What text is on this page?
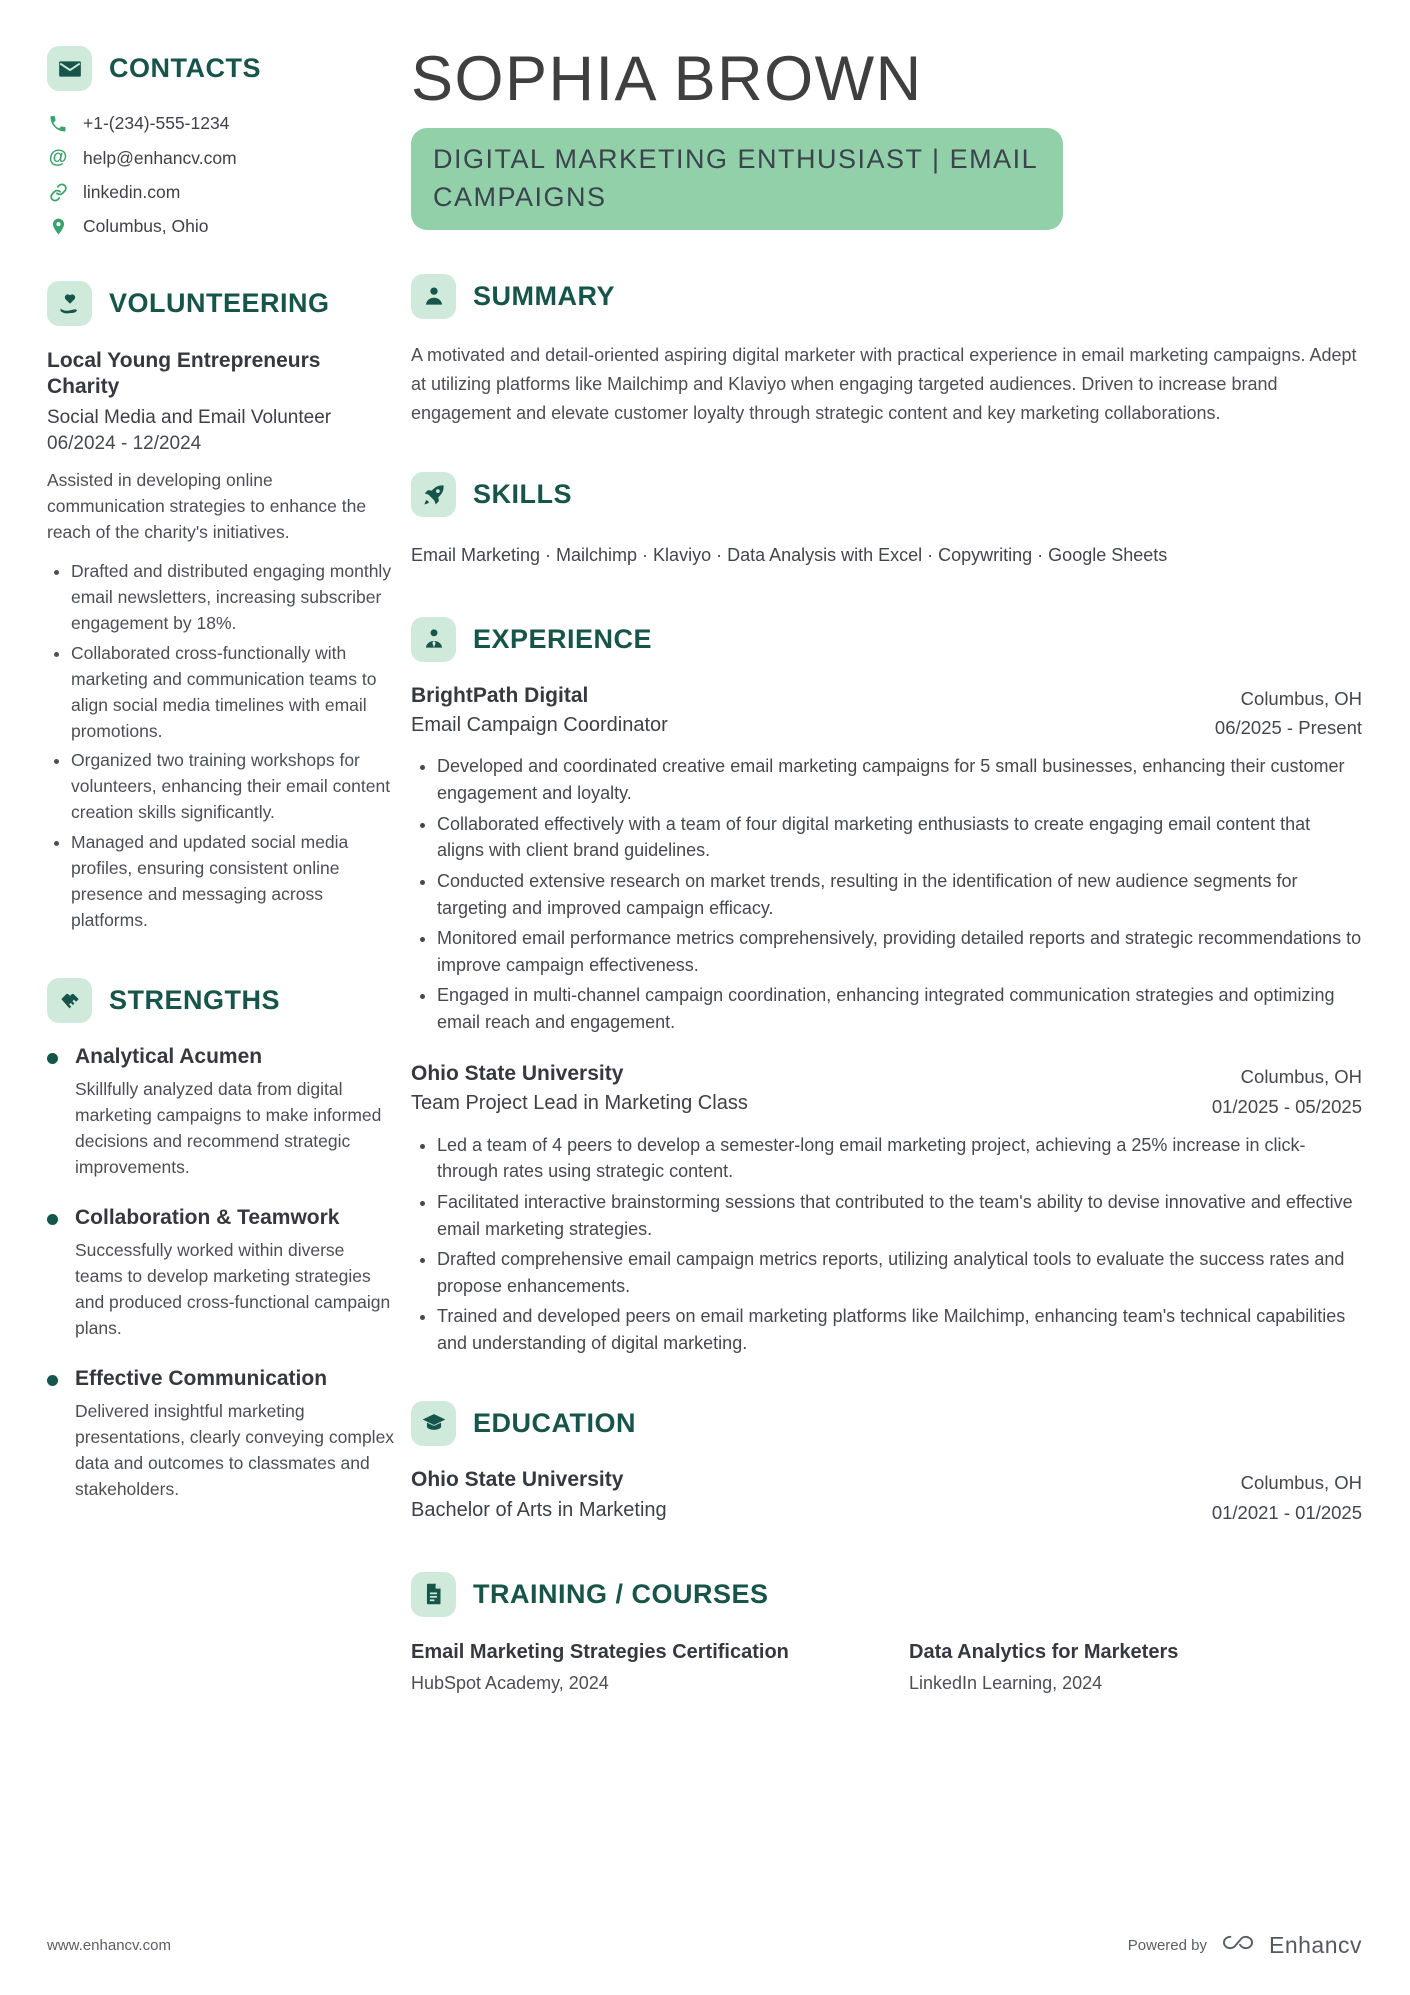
CONTACTS
+1-(234)-555-1234
@ help@enhancv.com
linkedin.com
Columbus, Ohio
VOLUNTEERING
Local Young Entrepreneurs Charity
Social Media and Email Volunteer
06/2024 - 12/2024

Assisted in developing online communication strategies to enhance the reach of the charity's initiatives.

• Drafted and distributed engaging monthly email newsletters, increasing subscriber engagement by 18%.
• Collaborated cross-functionally with marketing and communication teams to align social media timelines with email promotions.
• Organized two training workshops for volunteers, enhancing their email content creation skills significantly.
• Managed and updated social media profiles, ensuring consistent online presence and messaging across platforms.
STRENGTHS
Analytical Acumen

Skillfully analyzed data from digital marketing campaigns to make informed decisions and recommend strategic improvements.

Collaboration & Teamwork

Successfully worked within diverse teams to develop marketing strategies and produced cross-functional campaign plans.

Effective Communication

Delivered insightful marketing presentations, clearly conveying complex data and outcomes to classmates and stakeholders.

SOPHIA BROWN
DIGITAL MARKETING ENTHUSIAST | EMAIL CAMPAIGNS
SUMMARY

A motivated and detail-oriented aspiring digital marketer with practical experience in email marketing campaigns. Adept at utilizing platforms like Mailchimp and Klaviyo when engaging targeted audiences. Driven to increase brand engagement and elevate customer loyalty through strategic content and key marketing collaborations.

SKILLS

Email Marketing · Mailchimp · Klaviyo · Data Analysis with Excel · Copywriting · Google Sheets

EXPERIENCE
BrightPath Digital
Email Campaign Coordinator
Columbus, OH
06/2025 - Present
• Developed and coordinated creative email marketing campaigns for 5 small businesses, enhancing their customer engagement and loyalty.
• Collaborated effectively with a team of four digital marketing enthusiasts to create engaging email content that aligns with client brand guidelines.
• Conducted extensive research on market trends, resulting in the identification of new audience segments for targeting and improved campaign efficacy.
• Monitored email performance metrics comprehensively, providing detailed reports and strategic recommendations to improve campaign effectiveness.
• Engaged in multi-channel campaign coordination, enhancing integrated communication strategies and optimizing email reach and engagement.
Ohio State University
Team Project Lead in Marketing Class
Columbus, OH
01/2025 - 05/2025
• Led a team of 4 peers to develop a semester-long email marketing project, achieving a 25% increase in click-through rates using strategic content.
• Facilitated interactive brainstorming sessions that contributed to the team's ability to devise innovative and effective email marketing strategies.
• Drafted comprehensive email campaign metrics reports, utilizing analytical tools to evaluate the success rates and propose enhancements.
• Trained and developed peers on email marketing platforms like Mailchimp, enhancing team's technical capabilities and understanding of digital marketing.
EDUCATION
Ohio State University
Bachelor of Arts in Marketing
Columbus, OH
01/2021 - 01/2025
TRAINING / COURSES
Email Marketing Strategies Certification
HubSpot Academy, 2024
Data Analytics for Marketers
LinkedIn Learning, 2024
www.enhancv.com	Powered by	Enhancv
